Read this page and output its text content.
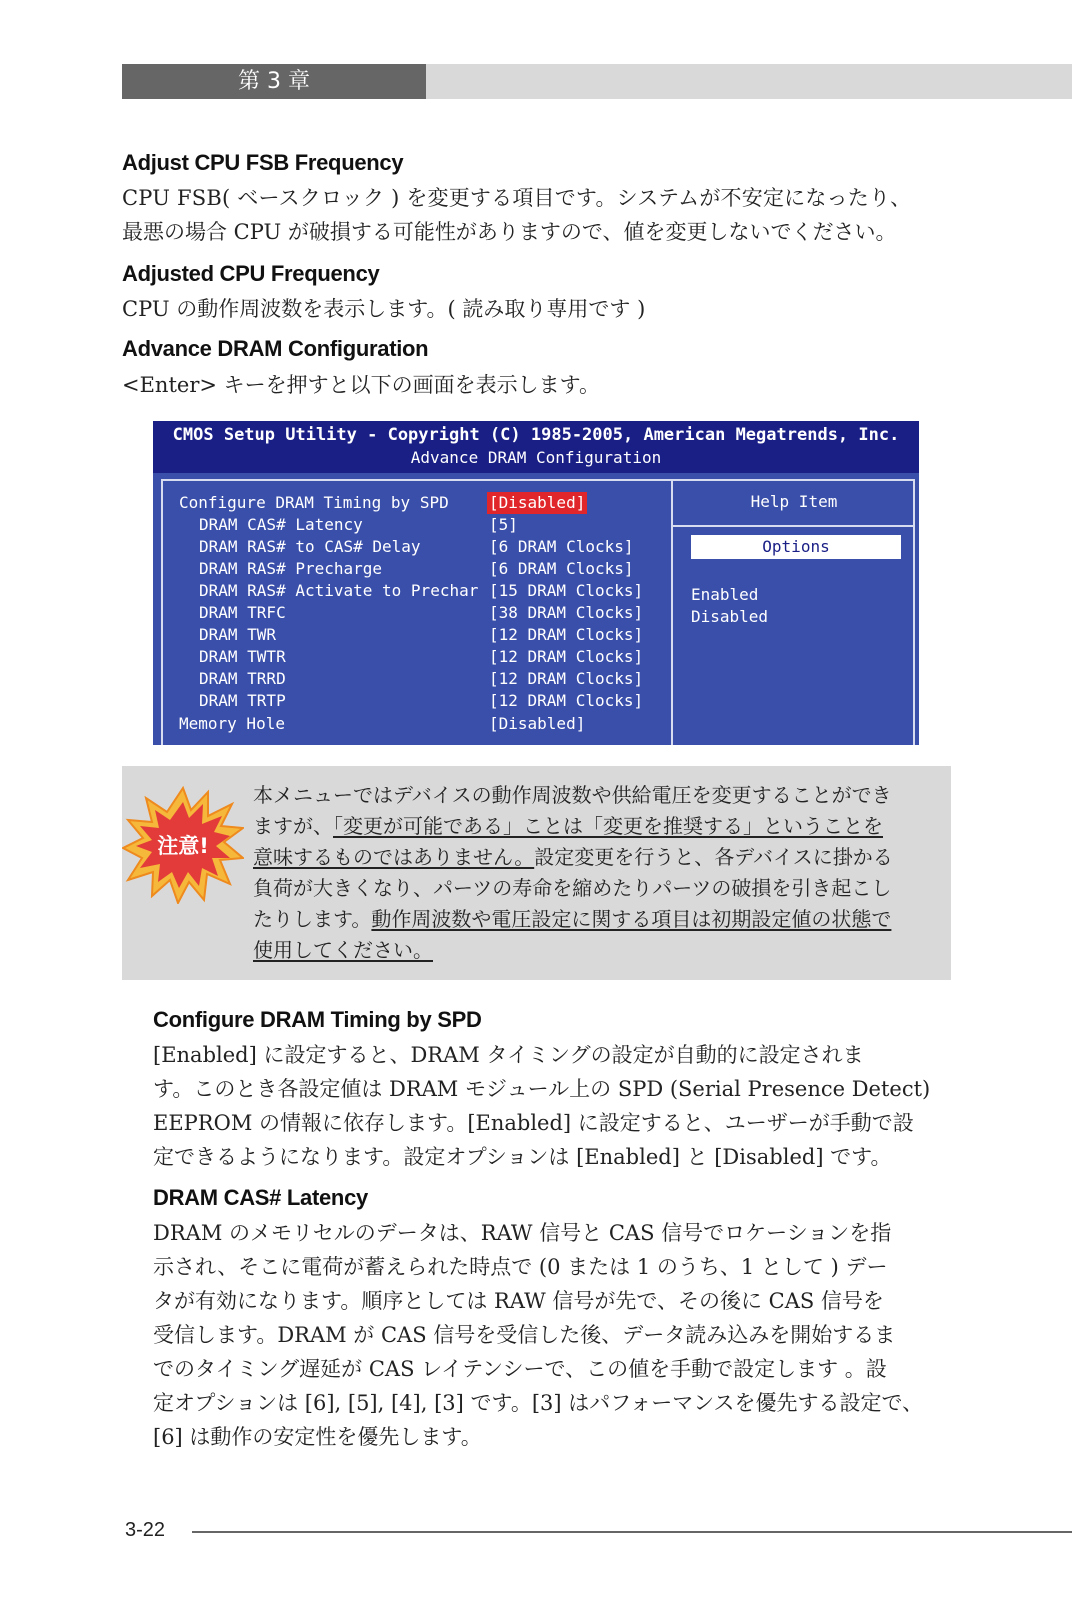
第 3 章
Adjust CPU FSB Frequency
CPU FSB( ベースクロック ) を変更する項目です。システムが不安定になったり、
最悪の場合 CPU が破損する可能性がありますので、値を変更しないでください。
Adjusted CPU Frequency
CPU の動作周波数を表示します。( 読み取り専用です )
Advance DRAM Configuration
<Enter> キーを押すと以下の画面を表示します。
CMOS Setup Utility - Copyright (C) 1985-2005, American Megatrends, Inc.
Advance DRAM Configuration
Help Item
Options
Enabled
Disabled
Configure DRAM Timing by SPD	[Disabled]
DRAM CAS# Latency	[5]
DRAM RAS# to CAS# Delay	[6 DRAM Clocks]
DRAM RAS# Precharge	[6 DRAM Clocks]
DRAM RAS# Activate to Prechar [15 DRAM Clocks]
DRAM TRFC	[38 DRAM Clocks]
DRAM TWR	[12 DRAM Clocks]
DRAM TWTR	[12 DRAM Clocks]
DRAM TRRD	[12 DRAM Clocks]
DRAM TRTP	[12 DRAM Clocks]
Memory Hole	[Disabled]
注意!
本メニューではデバイスの動作周波数や供給電圧を変更することができ
ますが、「変更が可能である」ことは「変更を推奨する」ということを
意味するものではありません。設定変更を行うと、各デバイスに掛かる
負荷が大きくなり、パーツの寿命を縮めたりパーツの破損を引き起こし
たりします。動作周波数や電圧設定に関する項目は初期設定値の状態で
使用してください。
Configure DRAM Timing by SPD
[Enabled] に設定すると、DRAM タイミングの設定が自動的に設定されま
す。このとき各設定値は DRAM モジュール上の SPD (Serial Presence Detect)
EEPROM の情報に依存します。[Enabled] に設定すると、ユーザーが手動で設
定できるようになります。設定オプションは [Enabled] と [Disabled] です。
DRAM CAS# Latency
DRAM のメモリセルのデータは、RAW 信号と CAS 信号でロケーションを指
示され、そこに電荷が蓄えられた時点で (0 または 1 のうち、1 として ) デー
タが有効になります。順序としては RAW 信号が先で、その後に CAS 信号を
受信します。DRAM が CAS 信号を受信した後、データ読み込みを開始するま
でのタイミング遅延が CAS レイテンシーで、この値を手動で設定します 。設
定オプションは [6], [5], [4], [3] です。[3] はパフォーマンスを優先する設定で、
[6] は動作の安定性を優先します。
3-22
